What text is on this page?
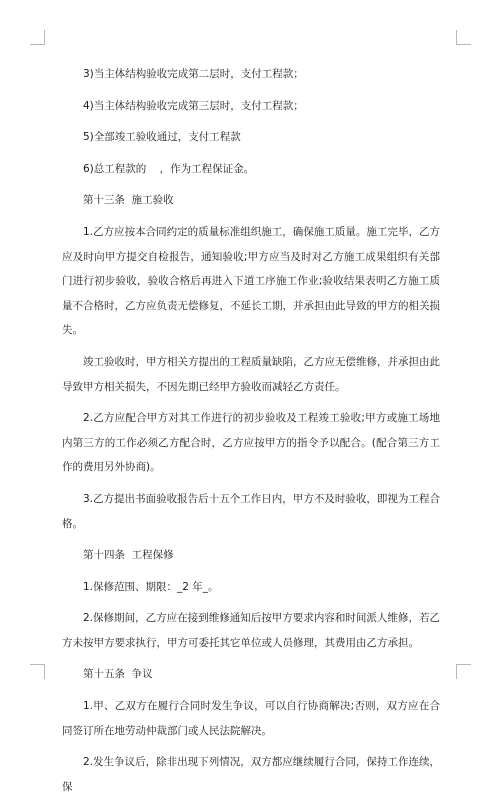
3)当主体结构验收完成第二层时，支付工程款；

4)当主体结构验收完成第三层时，支付工程款；

5)全部竣工验收通过，支付工程款

6)总工程款的    ，作为工程保证金。

第十三条  施工验收

1.乙方应按本合同约定的质量标准组织施工，确保施工质量。施工完毕，乙方应及时向甲方提交自检报告，通知验收;甲方应当及时对乙方施工成果组织有关部门进行初步验收，验收合格后再进入下道工序施工作业;验收结果表明乙方施工质量不合格时，乙方应负责无偿修复，不延长工期，并承担由此导致的甲方的相关损失。

竣工验收时，甲方相关方提出的工程质量缺陷，乙方应无偿维修，并承担由此导致甲方相关损失，不因先期已经甲方验收而减轻乙方责任。

2.乙方应配合甲方对其工作进行的初步验收及工程竣工验收;甲方或施工场地内第三方的工作必须乙方配合时，乙方应按甲方的指令予以配合。(配合第三方工作的费用另外协商)。

3.乙方提出书面验收报告后十五个工作日内，甲方不及时验收，即视为工程合格。

第十四条  工程保修

1.保修范围、期限：_2 年_。

2.保修期间，乙方应在接到维修通知后按甲方要求内容和时间派人维修，若乙方未按甲方要求执行，甲方可委托其它单位或人员修理，其费用由乙方承担。

第十五条  争议

1.甲、乙双方在履行合同时发生争议，可以自行协商解决;否则，双方应在合同签订所在地劳动仲裁部门或人民法院解决。

2.发生争议后，除非出现下列情况，双方都应继续履行合同，保持工作连续，保
